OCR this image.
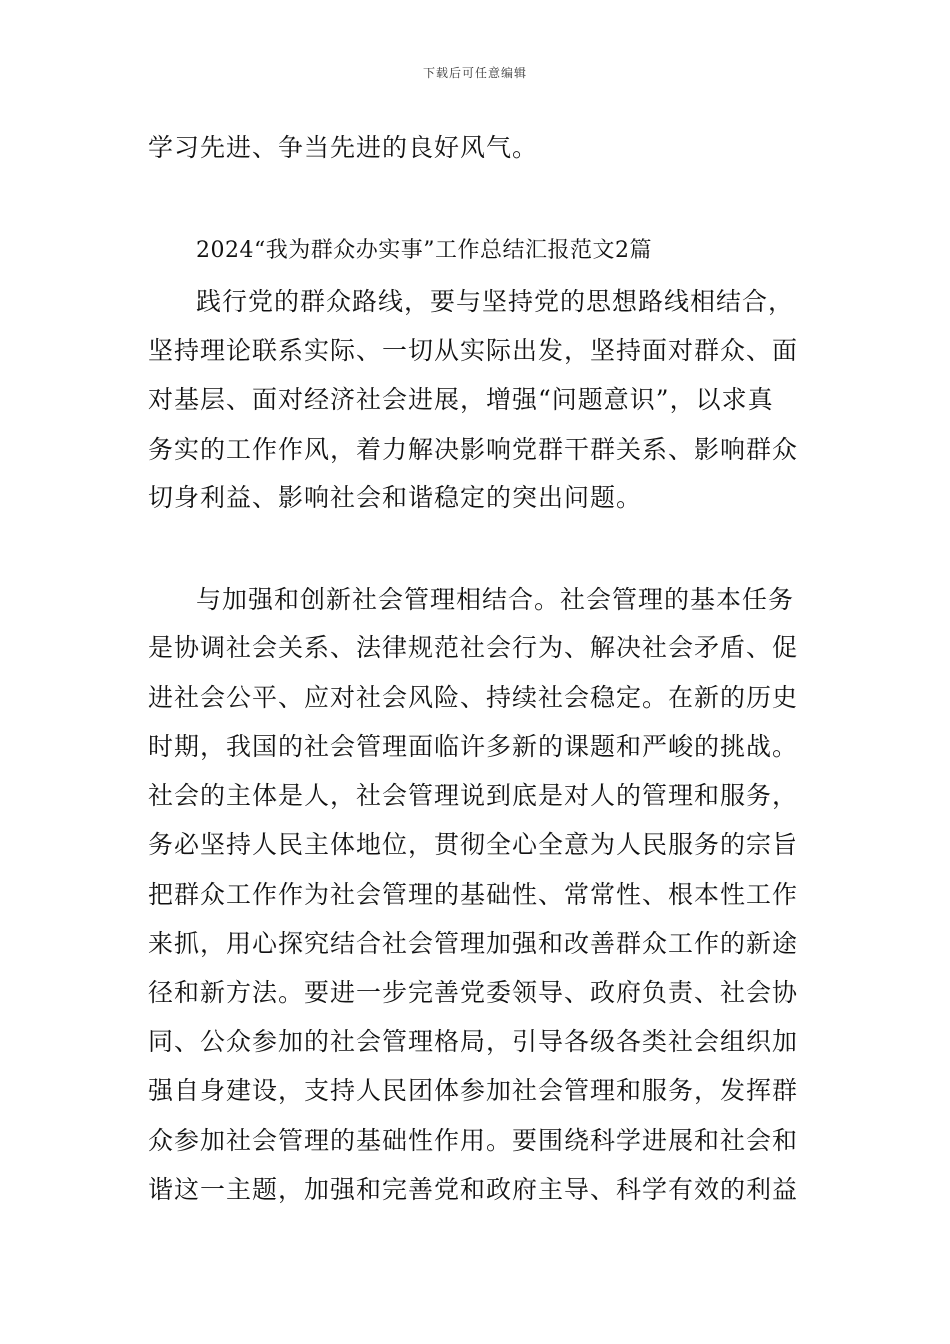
下载后可任意编辑
学习先进、争当先进的良好风气。
2024“我为群众办实事”工作总结汇报范文2篇
践行党的群众路线，要与坚持党的思想路线相结合，
坚持理论联系实际、一切从实际出发，坚持面对群众、面
对基层、面对经济社会进展，增强“问题意识”，以求真
务实的工作作风，着力解决影响党群干群关系、影响群众
切身利益、影响社会和谐稳定的突出问题。
与加强和创新社会管理相结合。社会管理的基本任务
是协调社会关系、法律规范社会行为、解决社会矛盾、促
进社会公平、应对社会风险、持续社会稳定。在新的历史
时期，我国的社会管理面临许多新的课题和严峻的挑战。
社会的主体是人，社会管理说到底是对人的管理和服务，
务必坚持人民主体地位，贯彻全心全意为人民服务的宗旨
把群众工作作为社会管理的基础性、常常性、根本性工作
来抓，用心探究结合社会管理加强和改善群众工作的新途
径和新方法。要进一步完善党委领导、政府负责、社会协
同、公众参加的社会管理格局，引导各级各类社会组织加
强自身建设，支持人民团体参加社会管理和服务，发挥群
众参加社会管理的基础性作用。要围绕科学进展和社会和
谐这一主题，加强和完善党和政府主导、科学有效的利益
